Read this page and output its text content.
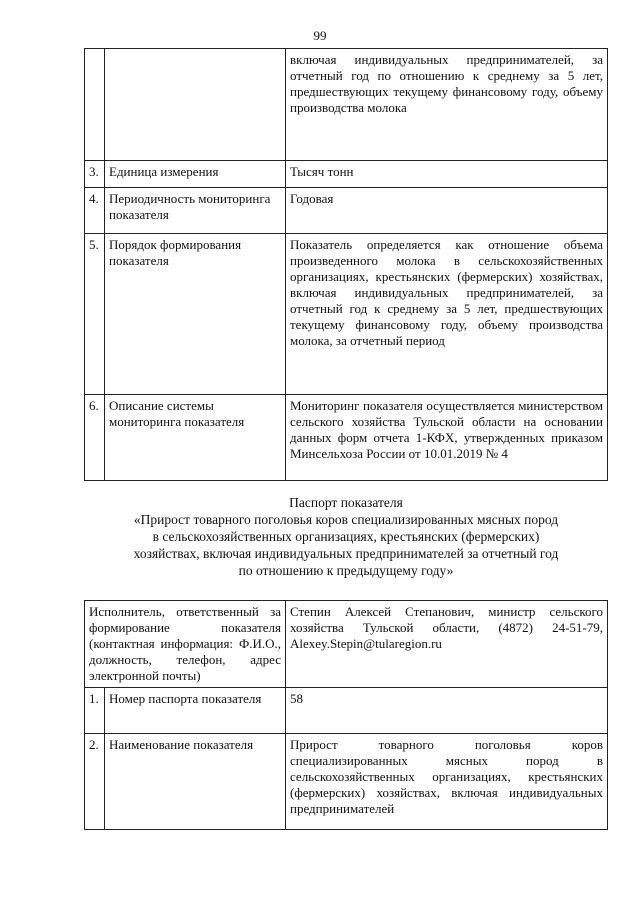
99
		включая индивидуальных предпринимателей, за отчетный год по отношению к среднему за 5 лет, предшествующих текущему финансовому году, объему производства молока
3.	Единица измерения	Тысяч тонн
4.	Периодичность мониторинга показателя	Годовая
5.	Порядок формирования показателя	Показатель определяется как отношение объема произведенного молока в сельскохозяйственных организациях, крестьянских (фермерских) хозяйствах, включая индивидуальных предпринимателей, за отчетный год к среднему за 5 лет, предшествующих текущему финансовому году, объему производства молока, за отчетный период
6.	Описание системы мониторинга показателя	Мониторинг показателя осуществляется министерством сельского хозяйства Тульской области на основании данных форм отчета 1-КФХ, утвержденных приказом Минсельхоза России от 10.01.2019 № 4
Паспорт показателя
«Прирост товарного поголовья коров специализированных мясных пород
в сельскохозяйственных организациях, крестьянских (фермерских)
хозяйствах, включая индивидуальных предпринимателей за отчетный год
по отношению к предыдущему году»
Исполнитель, ответственный за формирование показателя (контактная информация: Ф.И.О., должность, телефон, адрес электронной почты)		Степин Алексей Степанович, министр сельского хозяйства Тульской области, (4872) 24-51-79, Alexey.Stepin@tularegion.ru
1.	Номер паспорта показателя	58
2.	Наименование показателя	Прирост товарного поголовья коров специализированных мясных пород в сельскохозяйственных организациях, крестьянских (фермерских) хозяйствах, включая индивидуальных предпринимателей
